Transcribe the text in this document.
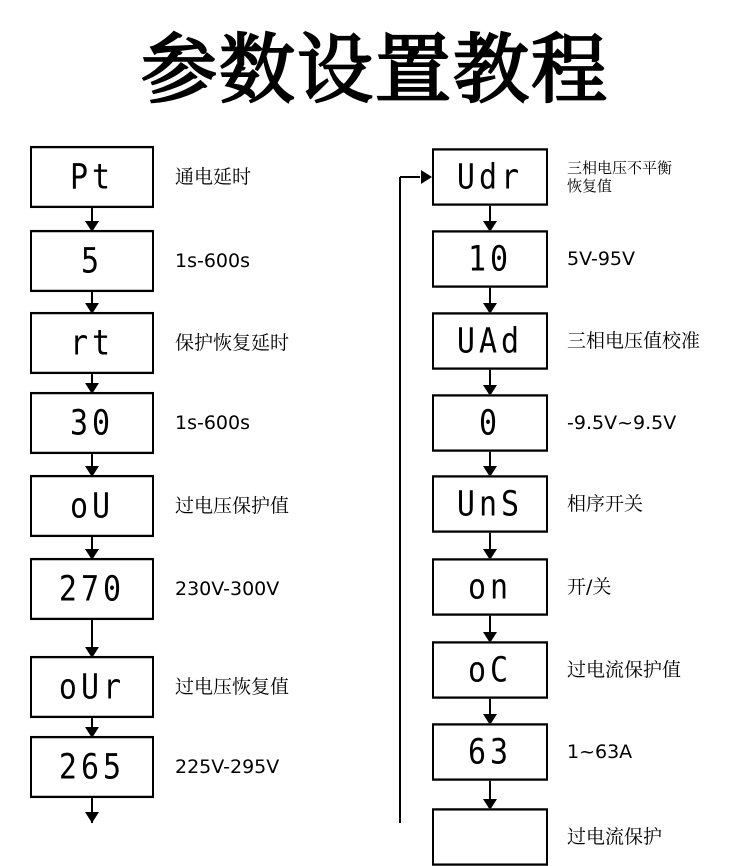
参数设置教程
Pt	通电延时
5	1s-600s
rt	保护恢复延时
30	1s-600s
oU	过电压保护值
270	230V-300V
oUr	过电压恢复值
265	225V-295V
Udr	三相电压不平衡
恢复值
10	5V-95V
UAd	三相电压值校准
0	-9.5V~9.5V
UnS	相序开关
on	开/关
oC	过电流保护值
63	1~63A
过电流保护
